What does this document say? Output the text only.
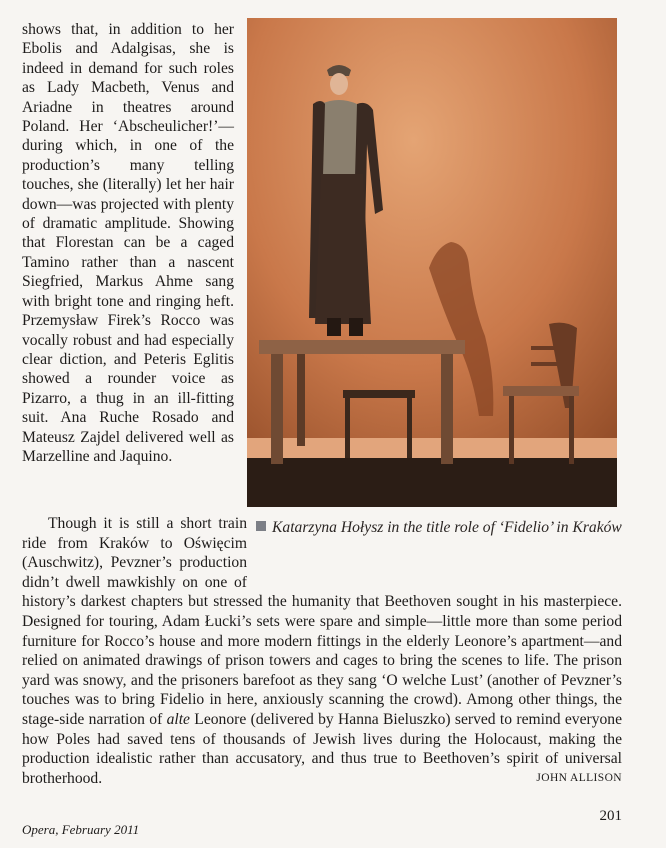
shows that, in addition to her Ebolis and Adalgisas, she is indeed in demand for such roles as Lady Macbeth, Venus and Ariadne in theatres around Poland. Her ‘Abscheulicher!’—during which, in one of the production’s many telling touches, she (literally) let her hair down—was projected with plenty of dramatic amplitude. Showing that Florestan can be a caged Tamino rather than a nascent Siegfried, Markus Ahme sang with bright tone and ringing heft. Przemysław Firek’s Rocco was vocally robust and had especially clear diction, and Peteris Eglitis showed a rounder voice as Pizarro, a thug in an ill-fitting suit. Ana Ruche Rosado and Mateusz Zajdel delivered well as Marzelline and Jaquino.

Katarzyna Hołysz in the title role of ‘Fidelio’ in Kraków

Though it is still a short train ride from Kraków to Oświęcim (Auschwitz), Pevzner’s production didn’t dwell mawkishly on one of history’s darkest chapters but stressed the humanity that Beethoven sought in his masterpiece. Designed for touring, Adam Łucki’s sets were spare and simple—little more than some period furniture for Rocco’s house and more modern fittings in the elderly Leonore’s apartment—and relied on animated drawings of prison towers and cages to bring the scenes to life. The prison yard was snowy, and the prisoners barefoot as they sang ‘O welche Lust’ (another of Pevzner’s touches was to bring Fidelio in here, anxiously scanning the crowd). Among other things, the stage-side narration of alte Leonore (delivered by Hanna Bieluszko) served to remind everyone how Poles had saved tens of thousands of Jewish lives during the Holocaust, making the production idealistic rather than accusatory, and thus true to Beethoven’s spirit of universal brotherhood.	JOHN ALLISON
Opera, February 2011
201
